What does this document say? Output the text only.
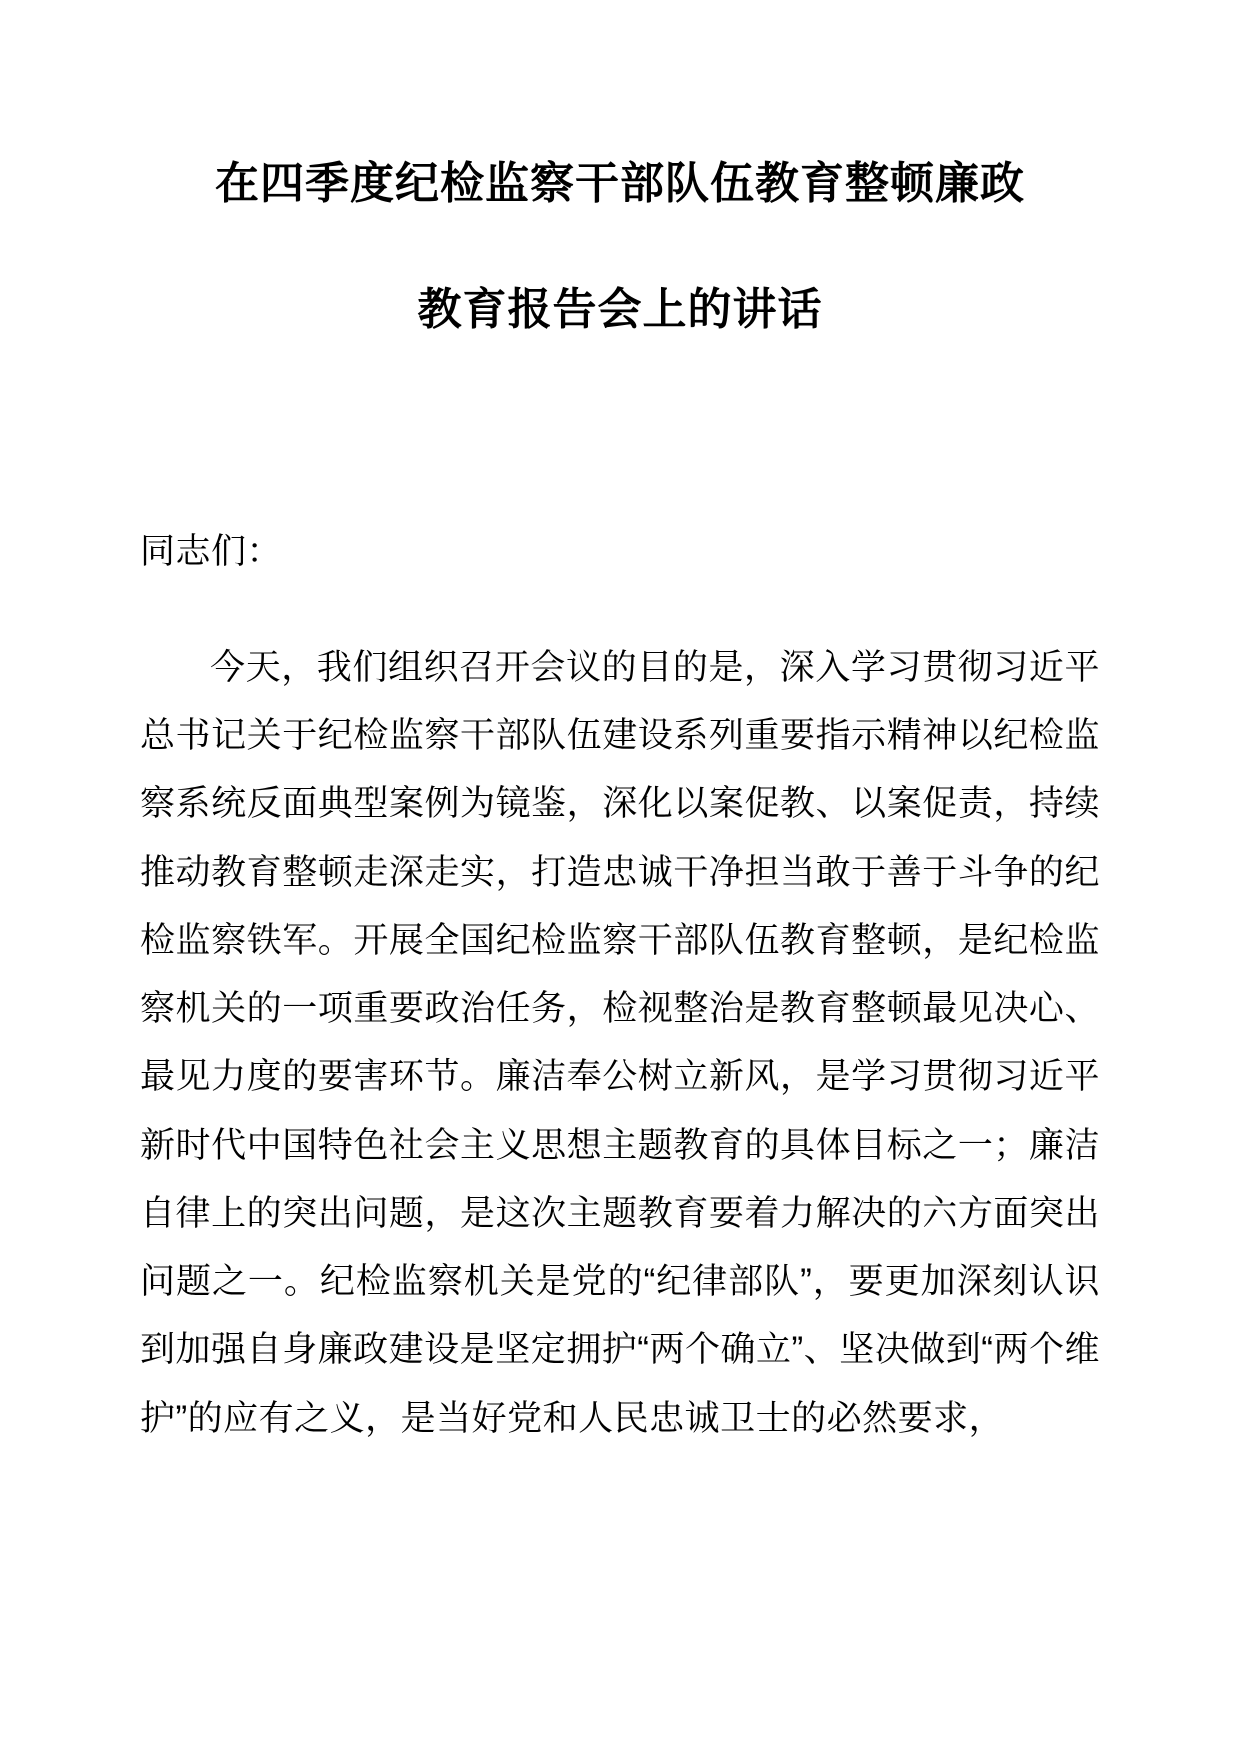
在四季度纪检监察干部队伍教育整顿廉政
教育报告会上的讲话
同志们：

今天，我们组织召开会议的目的是，深入学习贯彻习近平总书记关于纪检监察干部队伍建设系列重要指示精神以纪检监察系统反面典型案例为镜鉴，深化以案促教、以案促责，持续推动教育整顿走深走实，打造忠诚干净担当敢于善于斗争的纪检监察铁军。开展全国纪检监察干部队伍教育整顿，是纪检监察机关的一项重要政治任务，检视整治是教育整顿最见决心、最见力度的要害环节。廉洁奉公树立新风，是学习贯彻习近平新时代中国特色社会主义思想主题教育的具体目标之一；廉洁自律上的突出问题，是这次主题教育要着力解决的六方面突出问题之一。纪检监察机关是党的“纪律部队”，要更加深刻认识到加强自身廉政建设是坚定拥护“两个确立”、坚决做到“两个维护”的应有之义，是当好党和人民忠诚卫士的必然要求，
